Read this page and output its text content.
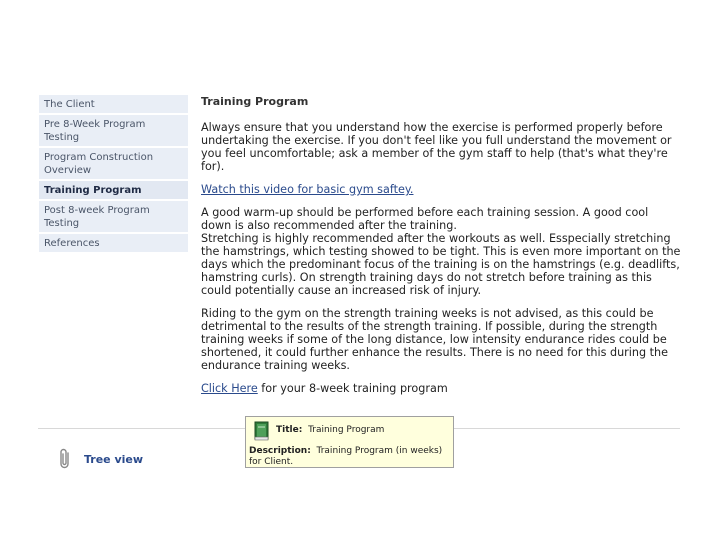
The Client
Pre 8-Week Program Testing
Program Construction Overview
Training Program
Post 8-week Program Testing
References
Training Program

Always ensure that you understand how the exercise is performed properly before undertaking the exercise. If you don't feel like you full understand the movement or you feel uncomfortable; ask a member of the gym staff to help (that's what they're for).

Watch this video for basic gym saftey.

A good warm-up should be performed before each training session. A good cool down is also recommended after the training.
Stretching is highly recommended after the workouts as well. Esspecially stretching the hamstrings, which testing showed to be tight. This is even more important on the days which the predominant focus of the training is on the hamstrings (e.g. deadlifts, hamstring curls). On strength training days do not stretch before training as this could potentially cause an increased risk of injury.

Riding to the gym on the strength training weeks is not advised, as this could be detrimental to the results of the strength training. If possible, during the strength training weeks if some of the long distance, low intensity endurance rides could be shortened, it could further enhance the results. There is no need for this during the endurance training weeks.

Click Here for your 8-week training program

Tree view
Title: Training Program
Description: Training Program (in weeks) for Client.
